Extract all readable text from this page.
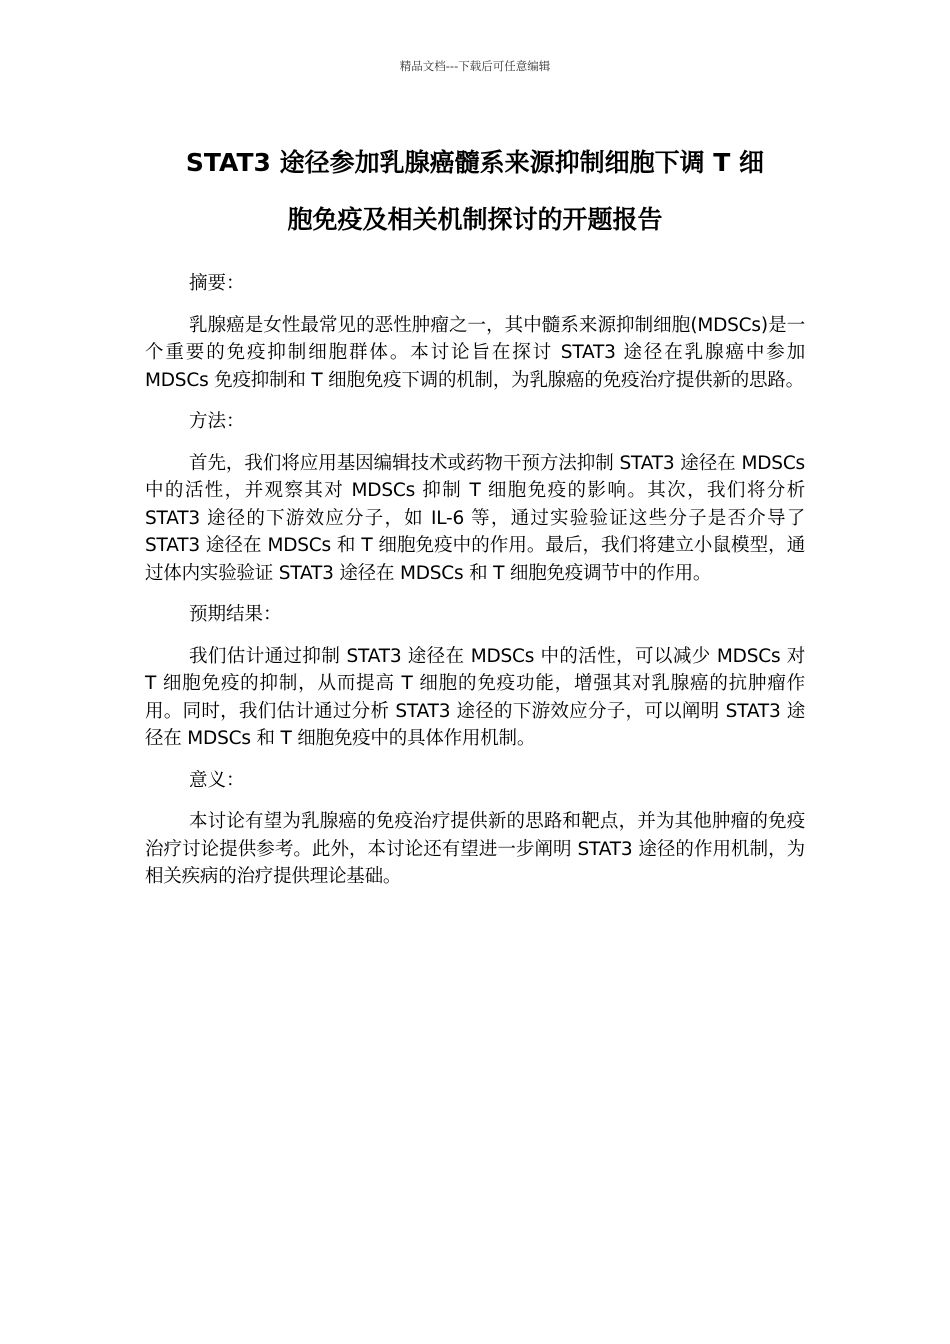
精品文档---下载后可任意编辑
STAT3 途径参加乳腺癌髓系来源抑制细胞下调 T 细
胞免疫及相关机制探讨的开题报告
摘要：
乳腺癌是女性最常见的恶性肿瘤之一，其中髓系来源抑制细胞(MDSCs)是一个重要的免疫抑制细胞群体。本讨论旨在探讨 STAT3 途径在乳腺癌中参加 MDSCs 免疫抑制和 T 细胞免疫下调的机制，为乳腺癌的免疫治疗提供新的思路。
方法：
首先，我们将应用基因编辑技术或药物干预方法抑制 STAT3 途径在 MDSCs 中的活性，并观察其对 MDSCs 抑制 T 细胞免疫的影响。其次，我们将分析 STAT3 途径的下游效应分子，如 IL-6 等，通过实验验证这些分子是否介导了 STAT3 途径在 MDSCs 和 T 细胞免疫中的作用。最后，我们将建立小鼠模型，通过体内实验验证 STAT3 途径在 MDSCs 和 T 细胞免疫调节中的作用。
预期结果：
我们估计通过抑制 STAT3 途径在 MDSCs 中的活性，可以减少 MDSCs 对 T 细胞免疫的抑制，从而提高 T 细胞的免疫功能，增强其对乳腺癌的抗肿瘤作用。同时，我们估计通过分析 STAT3 途径的下游效应分子，可以阐明 STAT3 途径在 MDSCs 和 T 细胞免疫中的具体作用机制。
意义：
本讨论有望为乳腺癌的免疫治疗提供新的思路和靶点，并为其他肿瘤的免疫治疗讨论提供参考。此外，本讨论还有望进一步阐明 STAT3 途径的作用机制，为相关疾病的治疗提供理论基础。
